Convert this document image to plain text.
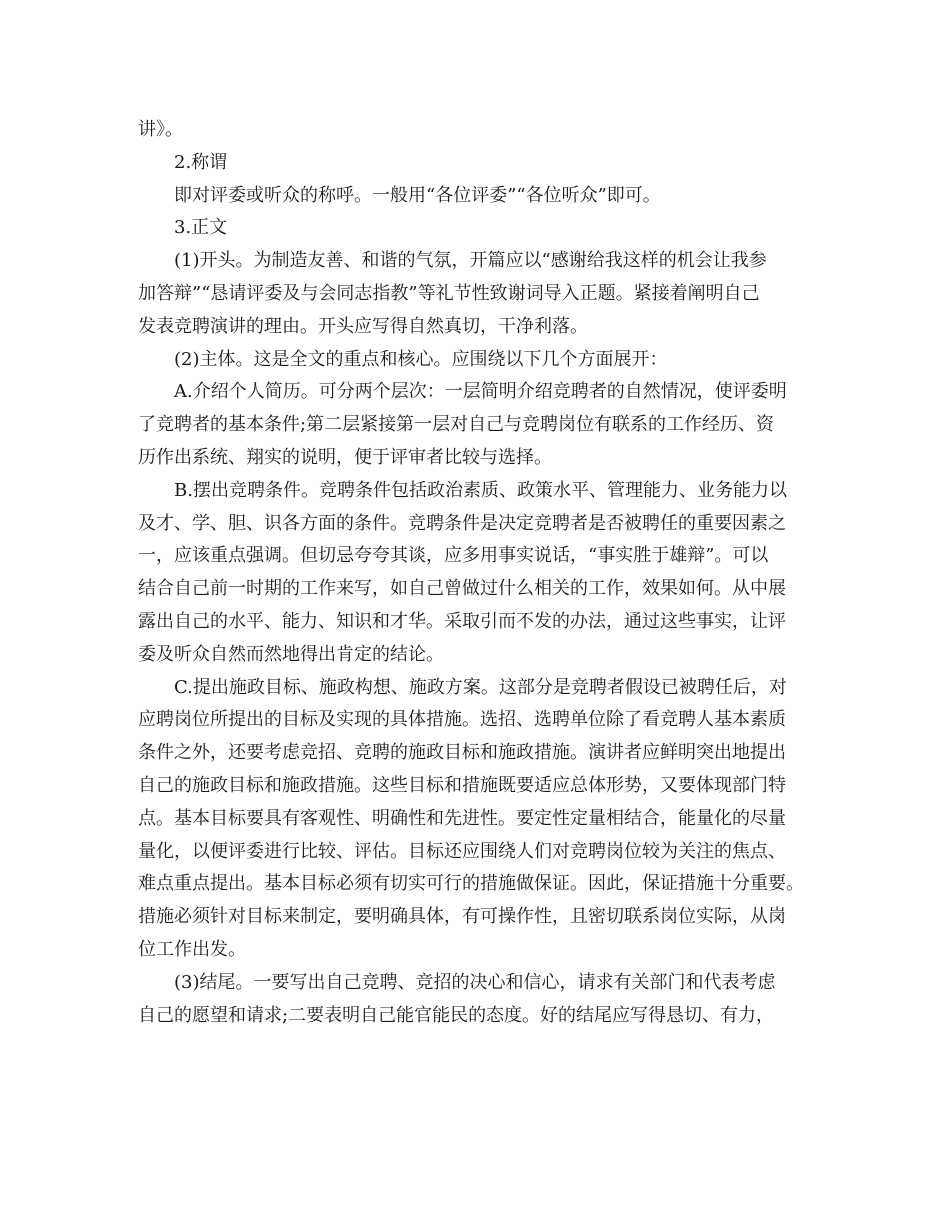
讲》。
2.称谓
即对评委或听众的称呼。一般用“各位评委”“各位听众”即可。
3.正文
(1)开头。为制造友善、和谐的气氛，开篇应以“感谢给我这样的机会让我参
加答辩”“恳请评委及与会同志指教”等礼节性致谢词导入正题。紧接着阐明自己
发表竞聘演讲的理由。开头应写得自然真切，干净利落。
(2)主体。这是全文的重点和核心。应围绕以下几个方面展开：
A.介绍个人简历。可分两个层次：一层简明介绍竞聘者的自然情况，使评委明
了竞聘者的基本条件;第二层紧接第一层对自己与竞聘岗位有联系的工作经历、资
历作出系统、翔实的说明，便于评审者比较与选择。
B.摆出竞聘条件。竞聘条件包括政治素质、政策水平、管理能力、业务能力以
及才、学、胆、识各方面的条件。竞聘条件是决定竞聘者是否被聘任的重要因素之
一，应该重点强调。但切忌夸夸其谈，应多用事实说话，“事实胜于雄辩”。可以
结合自己前一时期的工作来写，如自己曾做过什么相关的工作，效果如何。从中展
露出自己的水平、能力、知识和才华。采取引而不发的办法，通过这些事实，让评
委及听众自然而然地得出肯定的结论。
C.提出施政目标、施政构想、施政方案。这部分是竞聘者假设已被聘任后，对
应聘岗位所提出的目标及实现的具体措施。选招、选聘单位除了看竞聘人基本素质
条件之外，还要考虑竞招、竞聘的施政目标和施政措施。演讲者应鲜明突出地提出
自己的施政目标和施政措施。这些目标和措施既要适应总体形势，又要体现部门特
点。基本目标要具有客观性、明确性和先进性。要定性定量相结合，能量化的尽量
量化，以便评委进行比较、评估。目标还应围绕人们对竞聘岗位较为关注的焦点、
难点重点提出。基本目标必须有切实可行的措施做保证。因此，保证措施十分重要。
措施必须针对目标来制定，要明确具体，有可操作性，且密切联系岗位实际，从岗
位工作出发。
(3)结尾。一要写出自己竞聘、竞招的决心和信心，请求有关部门和代表考虑
自己的愿望和请求;二要表明自己能官能民的态度。好的结尾应写得恳切、有力，
